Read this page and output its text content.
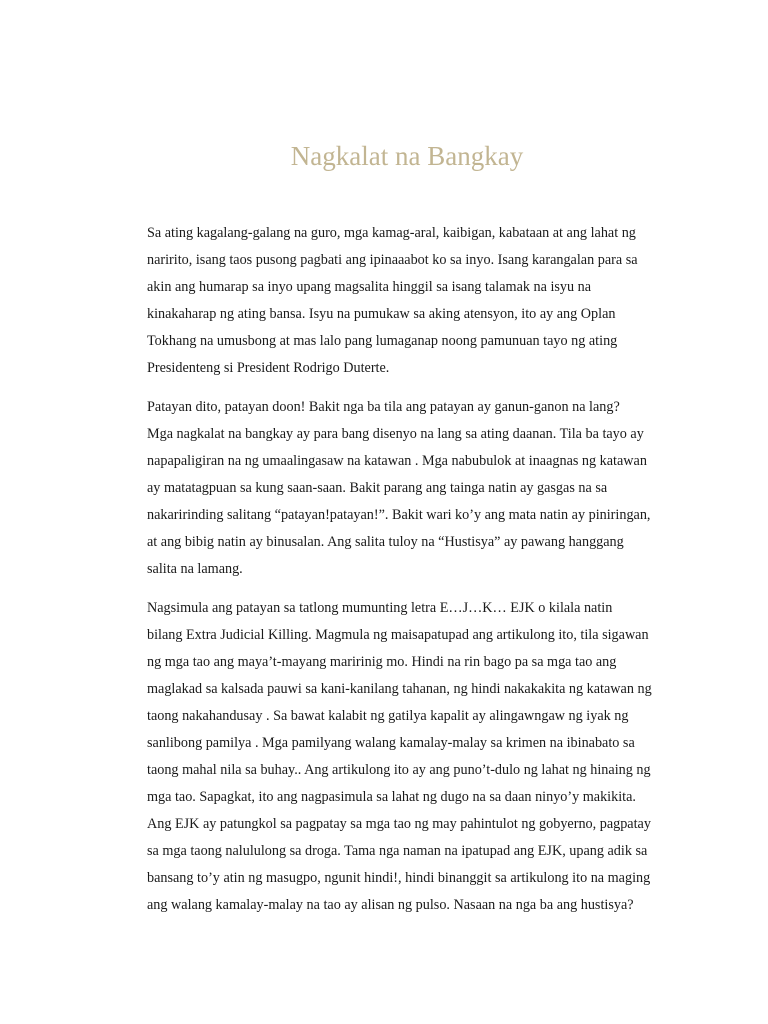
Nagkalat na Bangkay

Sa ating kagalang-galang na guro, mga kamag-aral, kaibigan, kabataan at ang lahat ng
naririto, isang taos pusong pagbati ang ipinaaabot ko sa inyo. Isang karangalan para sa
akin ang humarap sa inyo upang magsalita hinggil sa isang talamak na isyu na
kinakaharap ng ating bansa. Isyu na pumukaw sa aking atensyon, ito ay ang Oplan
Tokhang na umusbong at mas lalo pang lumaganap noong pamunuan tayo ng ating
Presidenteng si President Rodrigo Duterte.

Patayan dito, patayan doon! Bakit nga ba tila ang patayan ay ganun-ganon na lang?
Mga nagkalat na bangkay ay para bang disenyo na lang sa ating daanan. Tila ba tayo ay
napapaligiran na ng umaalingasaw na katawan . Mga nabubulok at inaagnas ng katawan
ay matatagpuan sa kung saan-saan. Bakit parang ang tainga natin ay gasgas na sa
nakaririnding salitang “patayan!patayan!”. Bakit wari ko’y ang mata natin ay piniringan,
at ang bibig natin ay binusalan. Ang salita tuloy na “Hustisya” ay pawang hanggang
salita na lamang.

Nagsimula ang patayan sa tatlong mumunting letra E…J…K… EJK o kilala natin
bilang Extra Judicial Killing. Magmula ng maisapatupad ang artikulong ito, tila sigawan
ng mga tao ang maya’t-mayang maririnig mo. Hindi na rin bago pa sa mga tao ang
maglakad sa kalsada pauwi sa kani-kanilang tahanan, ng hindi nakakakita ng katawan ng
taong nakahandusay . Sa bawat kalabit ng gatilya kapalit ay alingawngaw ng iyak ng
sanlibong pamilya . Mga pamilyang walang kamalay-malay sa krimen na ibinabato sa
taong mahal nila sa buhay.. Ang artikulong ito ay ang puno’t-dulo ng lahat ng hinaing ng
mga tao. Sapagkat, ito ang nagpasimula sa lahat ng dugo na sa daan ninyo’y makikita.
Ang EJK ay patungkol sa pagpatay sa mga tao ng may pahintulot ng gobyerno, pagpatay
sa mga taong nalululong sa droga. Tama nga naman na ipatupad ang EJK, upang adik sa
bansang to’y atin ng masugpo, ngunit hindi!, hindi binanggit sa artikulong ito na maging
ang walang kamalay-malay na tao ay alisan ng pulso. Nasaan na nga ba ang hustisya?
